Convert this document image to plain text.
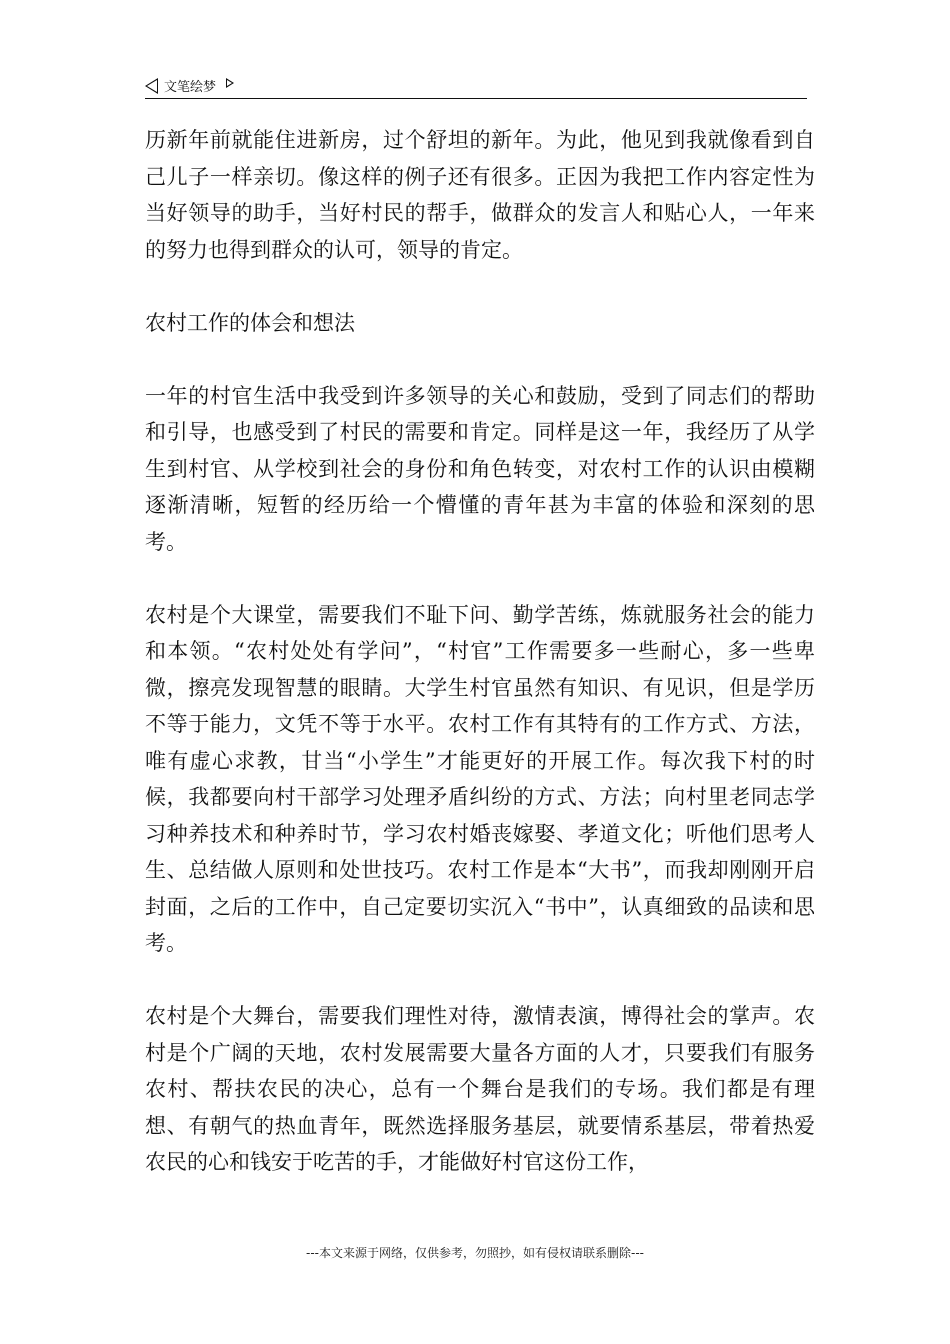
文笔绘梦

历新年前就能住进新房，过个舒坦的新年。为此，他见到我就像看到自己儿子一样亲切。像这样的例子还有很多。正因为我把工作内容定性为当好领导的助手，当好村民的帮手，做群众的发言人和贴心人，一年来的努力也得到群众的认可，领导的肯定。

农村工作的体会和想法

一年的村官生活中我受到许多领导的关心和鼓励，受到了同志们的帮助和引导，也感受到了村民的需要和肯定。同样是这一年，我经历了从学生到村官、从学校到社会的身份和角色转变，对农村工作的认识由模糊逐渐清晰，短暂的经历给一个懵懂的青年甚为丰富的体验和深刻的思考。

农村是个大课堂，需要我们不耻下问、勤学苦练，炼就服务社会的能力和本领。“农村处处有学问”，“村官”工作需要多一些耐心，多一些卑微，擦亮发现智慧的眼睛。大学生村官虽然有知识、有见识，但是学历不等于能力，文凭不等于水平。农村工作有其特有的工作方式、方法，唯有虚心求教，甘当“小学生”才能更好的开展工作。每次我下村的时候，我都要向村干部学习处理矛盾纠纷的方式、方法；向村里老同志学习种养技术和种养时节，学习农村婚丧嫁娶、孝道文化；听他们思考人生、总结做人原则和处世技巧。农村工作是本“大书”，而我却刚刚开启封面，之后的工作中，自己定要切实沉入“书中”，认真细致的品读和思考。

农村是个大舞台，需要我们理性对待，激情表演，博得社会的掌声。农村是个广阔的天地，农村发展需要大量各方面的人才，只要我们有服务农村、帮扶农民的决心，总有一个舞台是我们的专场。我们都是有理想、有朝气的热血青年，既然选择服务基层，就要情系基层，带着热爱农民的心和钱安于吃苦的手，才能做好村官这份工作，

---本文来源于网络，仅供参考，勿照抄，如有侵权请联系删除---
